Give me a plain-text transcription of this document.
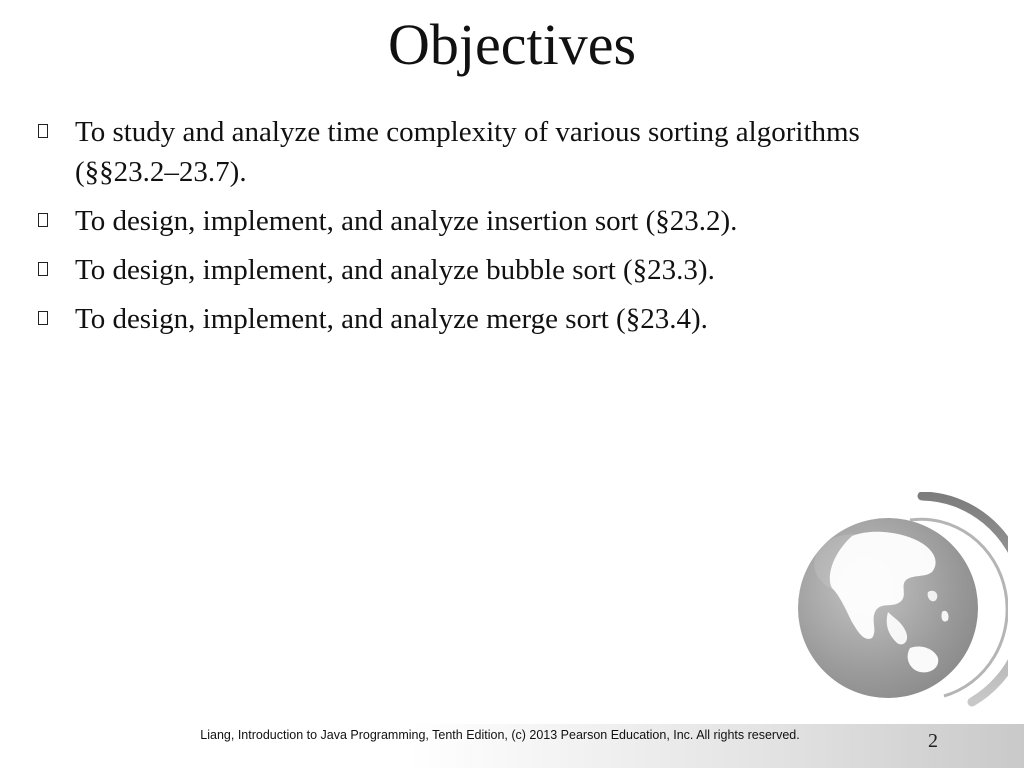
Objectives
To study and analyze time complexity of various sorting algorithms (§§23.2–23.7).
To design, implement, and analyze insertion sort (§23.2).
To design, implement, and analyze bubble sort (§23.3).
To design, implement, and analyze merge sort (§23.4).
Liang, Introduction to Java Programming, Tenth Edition, (c) 2013 Pearson Education, Inc. All rights reserved.	2
